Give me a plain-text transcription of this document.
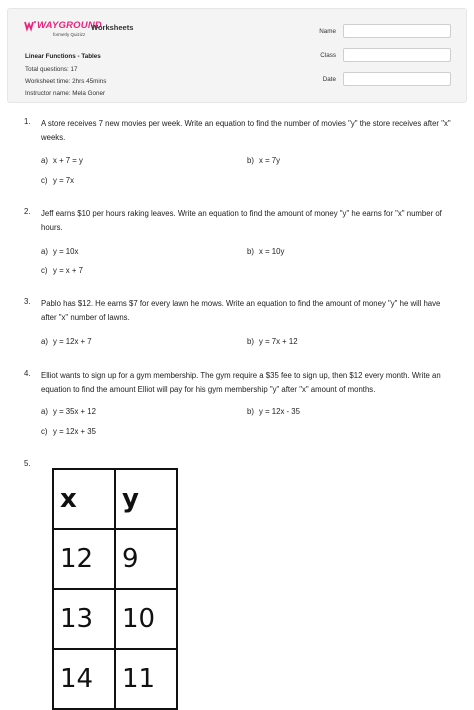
WAYGROUND
formerly Quizizz
Worksheets
Linear Functions - Tables
Total questions: 17
Worksheet time: 2hrs 45mins
Instructor name: Mela Goner
Name
Class
Date
1. A store receives 7 new movies per week. Write an equation to find the number of movies "y" the store receives after "x" weeks.
a) x + 7 = y	b) x = 7y
c) y = 7x
2. Jeff earns $10 per hours raking leaves. Write an equation to find the amount of money "y" he earns for "x" number of hours.
a) y = 10x	b) x = 10y
c) y = x + 7
3. Pablo has $12. He earns $7 for every lawn he mows. Write an equation to find the amount of money "y" he will have after "x" number of lawns.
a) y = 12x + 7	b) y = 7x + 12
4. Elliot wants to sign up for a gym membership. The gym require a $35 fee to sign up, then $12 every month. Write an equation to find the amount Elliot will pay for his gym membership "y" after "x" amount of months.
a) y = 35x + 12	b) y = 12x - 35
c) y = 12x + 35
5.
x	y
12	9
13	10
14	11
